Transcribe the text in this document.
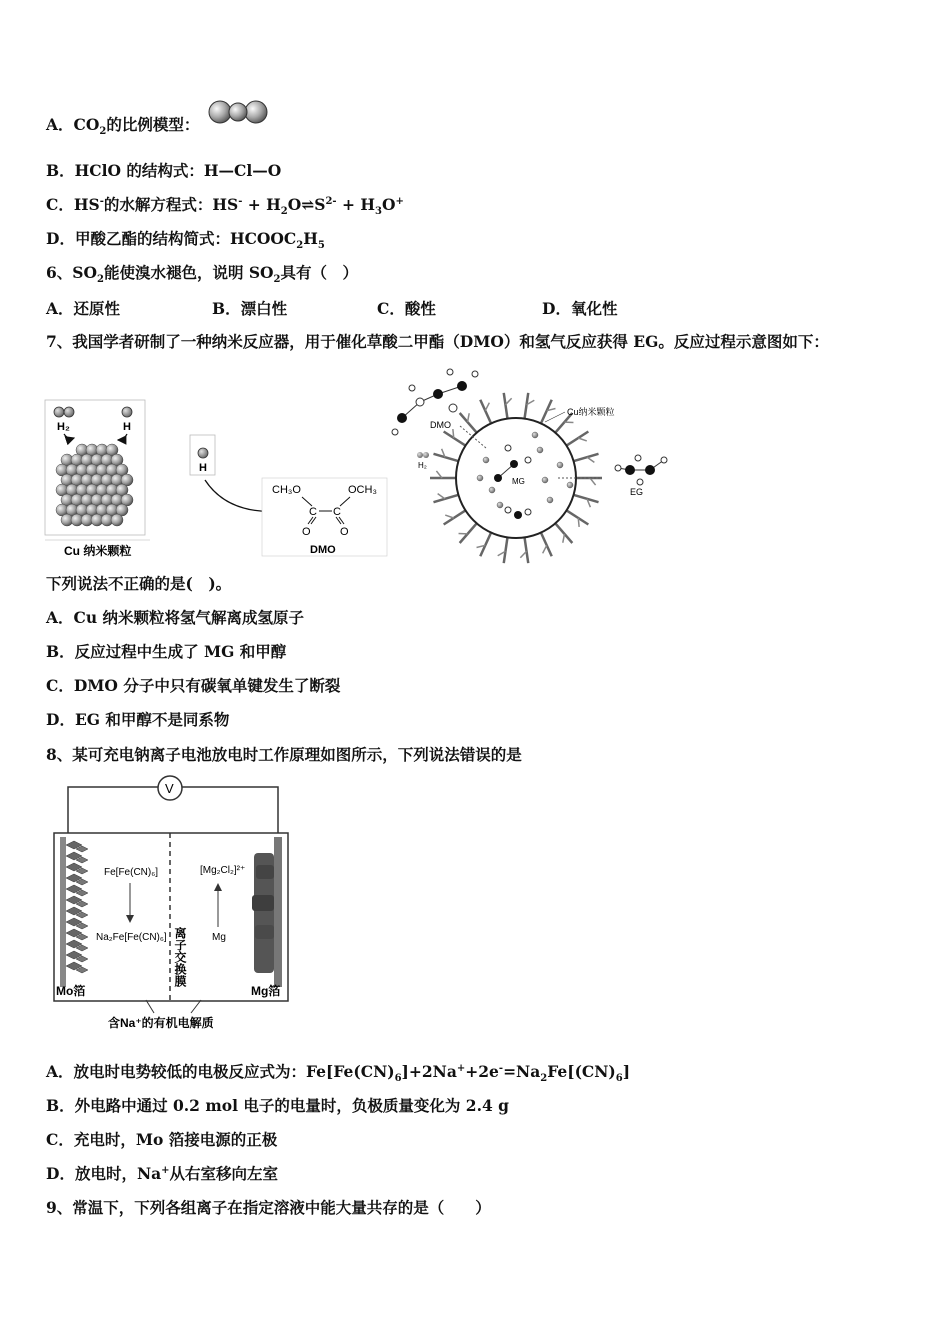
A．$CO_2$的比例模型：
B．HClO 的结构式：H—Cl—O
C．HS-的水解方程式：$HS^- + H_2O\rightleftharpoons S^{2-} + H_3O^+$
D．甲酸乙酯的结构简式：$HCOOC_2H_5$
6、$SO_2$能使溴水褪色，说明 $SO_2$具有（　）
A．还原性	B．漂白性	C．酸性	D．氧化性
7、我国学者研制了一种纳米反应器，用于催化草酸二甲酯（DMO）和氢气反应获得 EG。反应过程示意图如下：
H₂	H
Cu 纳米颗粒
H
CH₃O	OCH₃
C C
O	O
DMO
DMO
Cu纳米颗粒
H₂
MG
EG
下列说法不正确的是(　)。
A．Cu 纳米颗粒将氢气解离成氢原子
B．反应过程中生成了 MG 和甲醇
C．DMO 分子中只有碳氧单键发生了断裂
D．EG 和甲醇不是同系物
8、某可充电钠离子电池放电时工作原理如图所示，下列说法错误的是
V
Fe[Fe(CN)₆]
Na₂Fe[Fe(CN)₆]
[Mg₂Cl₂]²⁺
Mg
离子交换膜
Mo箔	Mg箔
含Na⁺的有机电解质
A．放电时电势较低的电极反应式为：$Fe[Fe(CN)_6]+2Na^++2e^-=Na_2Fe[(CN)_6]$
B．外电路中通过 0.2 mol 电子的电量时，负极质量变化为 2.4 g
C．充电时，Mo 箔接电源的正极
D．放电时，Na+从右室移向左室
9、常温下，下列各组离子在指定溶液中能大量共存的是（　　）
